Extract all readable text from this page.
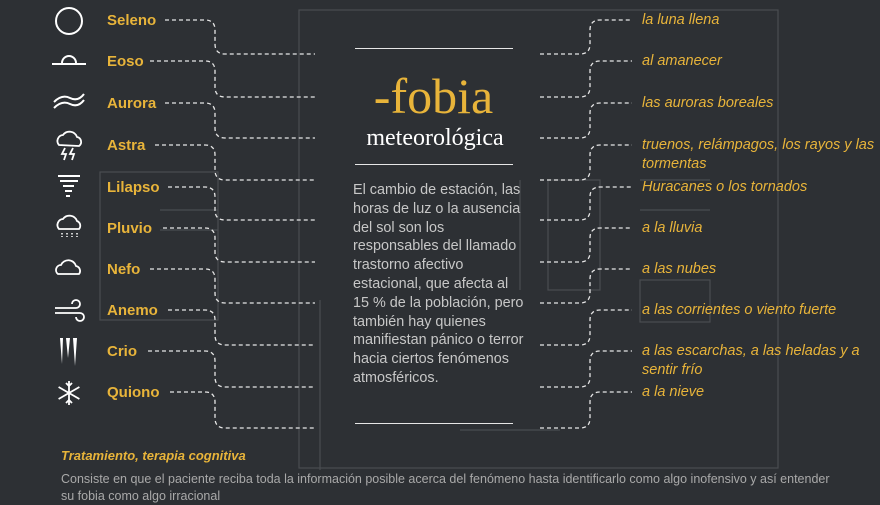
Seleno
Eoso
Aurora
Astra
Lilapso
Pluvio
Nefo
Anemo
Crio
Quiono
-fobia
meteorológica
El cambio de estación, las horas de luz o la ausencia del sol son los responsables del llamado trastorno afectivo estacional, que afecta al 15 % de la población, pero también hay quienes manifiestan pánico o terror hacia ciertos fenómenos atmosféricos.
la luna llena
al amanecer
las auroras boreales
truenos, relámpagos, los rayos y las tormentas
Huracanes o los tornados
a la lluvia
a las nubes
a las corrientes o viento fuerte
a las escarchas, a las heladas y a sentir frío
a la nieve
Tratamiento, terapia cognitiva
Consiste en que el paciente reciba toda la información posible acerca del fenómeno hasta identificarlo como algo inofensivo y así entender su fobia como algo irracional
